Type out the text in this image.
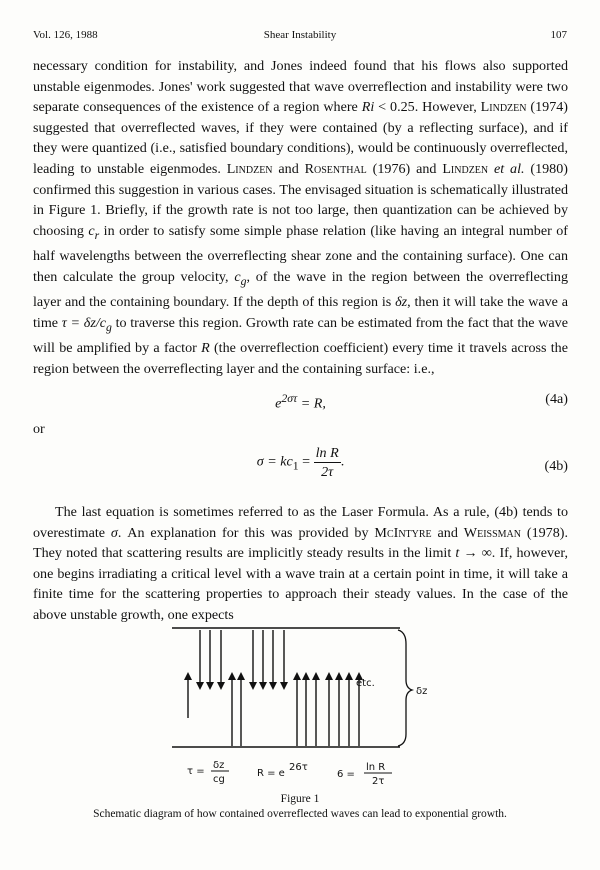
Vol. 126, 1988	Shear Instability	107

necessary condition for instability, and Jones indeed found that his flows also supported unstable eigenmodes. Jones' work suggested that wave overreflection and instability were two separate consequences of the existence of a region where Ri < 0.25. However, Lindzen (1974) suggested that overreflected waves, if they were contained (by a reflecting surface), and if they were quantized (i.e., satisfied boundary conditions), would be continuously overreflected, leading to unstable eigenmodes. Lindzen and Rosenthal (1976) and Lindzen et al. (1980) confirmed this suggestion in various cases. The envisaged situation is schematically illustrated in Figure 1. Briefly, if the growth rate is not too large, then quantization can be achieved by choosing $c_r$ in order to satisfy some simple phase relation (like having an integral number of half wavelengths between the overreflecting shear zone and the containing surface). One can then calculate the group velocity, $c_g$, of the wave in the region between the overreflecting layer and the containing boundary. If the depth of this region is δz, then it will take the wave a time $\tau = \delta z/c_g$ to traverse this region. Growth rate can be estimated from the fact that the wave will be amplified by a factor R (the overreflection coefficient) every time it travels across the region between the overreflecting layer and the containing surface: i.e.,

$e^{2\sigma\tau} = R$,	(4a)

or

$\sigma = kc_1 = \frac{\text{ln R}}{2\tau}$ .	(4b)

The last equation is sometimes referred to as the Laser Formula. As a rule, (4b) tends to overestimate σ. An explanation for this was provided by McIntyre and Weissman (1978). They noted that scattering results are implicitly steady results in the limit t → ∞. If, however, one begins irradiating a critical level with a wave train at a certain point in time, it will take a finite time for the scattering properties to approach their steady values. In the case of the above unstable growth, one expects

etc.
δz
τ =
δz
cg
R = e
26τ
6 =
ln R
2τ
Figure 1
Schematic diagram of how contained overreflected waves can lead to exponential growth.
